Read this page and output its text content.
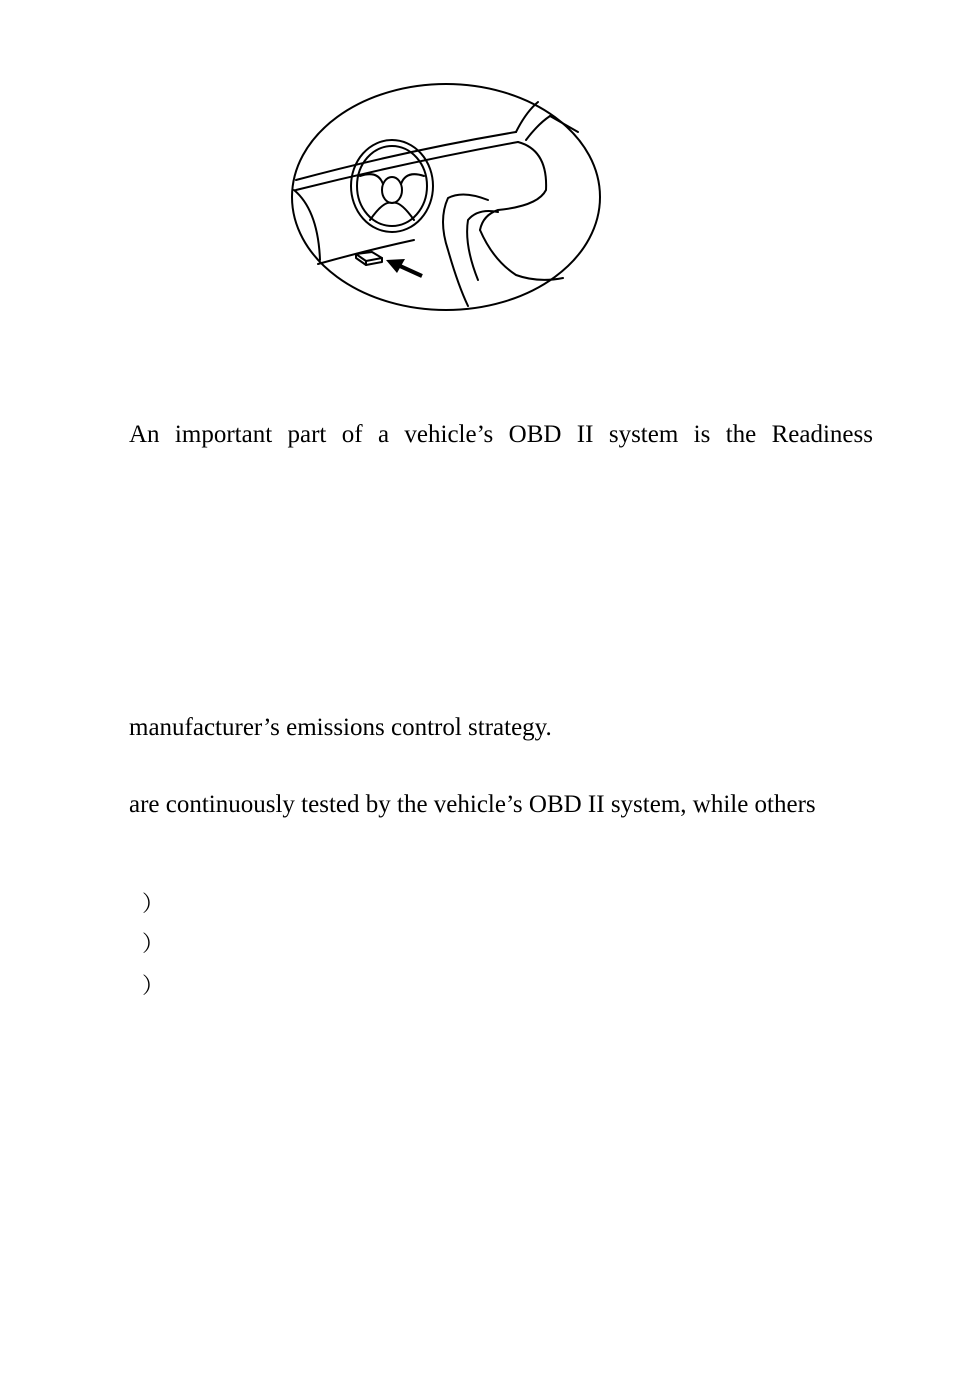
An important part of a vehicle’s OBD II system is the Readiness
manufacturer’s emissions control strategy.
are continuously tested by the vehicle’s OBD II system, while others
）
）
）
